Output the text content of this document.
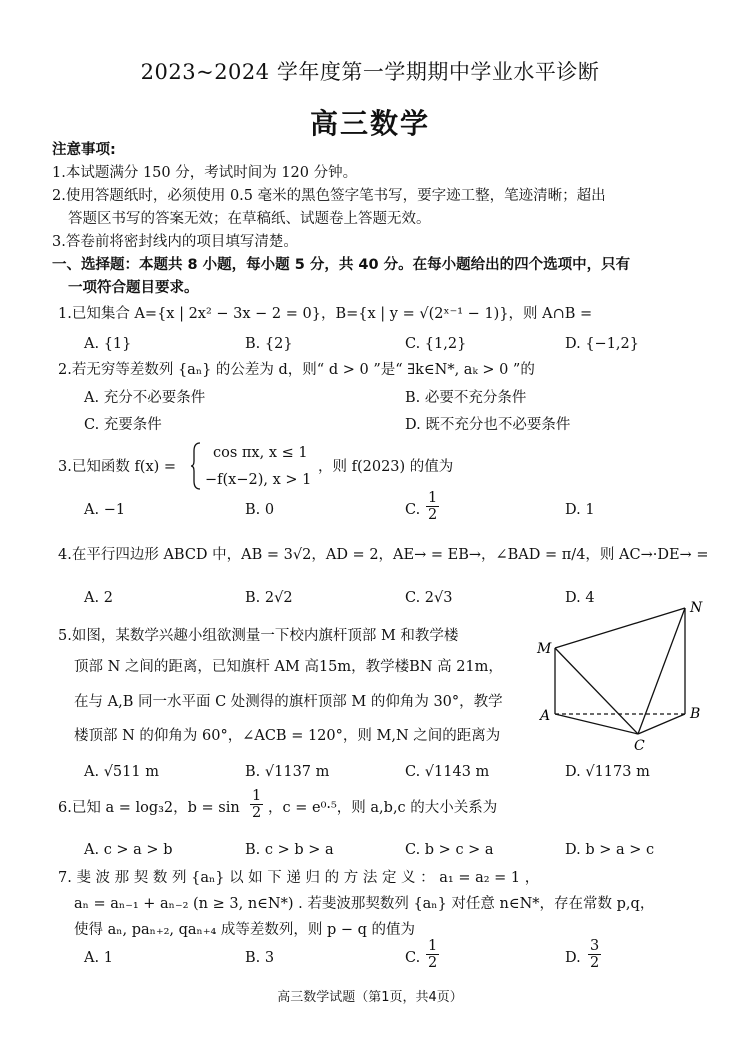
2023~2024 学年度第一学期期中学业水平诊断
高三数学
注意事项:
1.本试题满分 150 分，考试时间为 120 分钟。
2.使用答题纸时，必须使用 0.5 毫米的黑色签字笔书写，要字迹工整，笔迹清晰；超出
答题区书写的答案无效；在草稿纸、试题卷上答题无效。
3.答卷前将密封线内的项目填写清楚。
一、选择题：本题共 8 小题，每小题 5 分，共 40 分。在每小题给出的四个选项中，只有
一项符合题目要求。
1.已知集合 A={x | 2x² − 3x − 2 = 0}，B={x | y = √(2ˣ⁻¹ − 1)}，则 A∩B =
A. {1}	B. {2}	C. {1,2}	D. {−1,2}
2.若无穷等差数列 {aₙ} 的公差为 d，则“ d > 0 ”是“ ∃k∈N*, aₖ > 0 ”的
A. 充分不必要条件	B. 必要不充分条件
C. 充要条件	D. 既不充分也不必要条件
3.已知函数 f(x) =
cos πx, x ≤ 1
−f(x−2), x > 1
，则 f(2023) 的值为
A. −1	B. 0	C. $\frac{1}{2}$	D. 1
4.在平行四边形 ABCD 中，AB = 3√2，AD = 2，AE→ = EB→，∠BAD = π/4，则 AC→·DE→ =
A. 2	B. 2√2	C. 2√3	D. 4
5.如图，某数学兴趣小组欲测量一下校内旗杆顶部 M 和教学楼
顶部 N 之间的距离，已知旗杆 AM 高15m，教学楼BN 高 21m，
在与 A,B 同一水平面 C 处测得的旗杆顶部 M 的仰角为 30°，教学
楼顶部 N 的仰角为 60°，∠ACB = 120°，则 M,N 之间的距离为
A. √511 m	B. √1137 m	C. √1143 m	D. √1173 m
M
N
A	B
C
6.已知 a = log₃2，$b = \sin \frac{1}{2}$ ，c = e⁰·⁵，则 a,b,c 的大小关系为
A. c > a > b	B. c > b > a	C. b > c > a	D. b > a > c
7. 斐 波 那 契 数 列 {aₙ} 以 如 下 递 归 的 方 法 定 义 ： a₁ = a₂ = 1 ，
aₙ = aₙ₋₁ + aₙ₋₂ (n ≥ 3, n∈N*) . 若斐波那契数列 {aₙ} 对任意 n∈N*，存在常数 p,q，
使得 aₙ, paₙ₊₂, qaₙ₊₄ 成等差数列，则 p − q 的值为
A. 1	B. 3	C. $\frac{1}{2}$	D. $\frac{3}{2}$
高三数学试题（第1页，共4页）
